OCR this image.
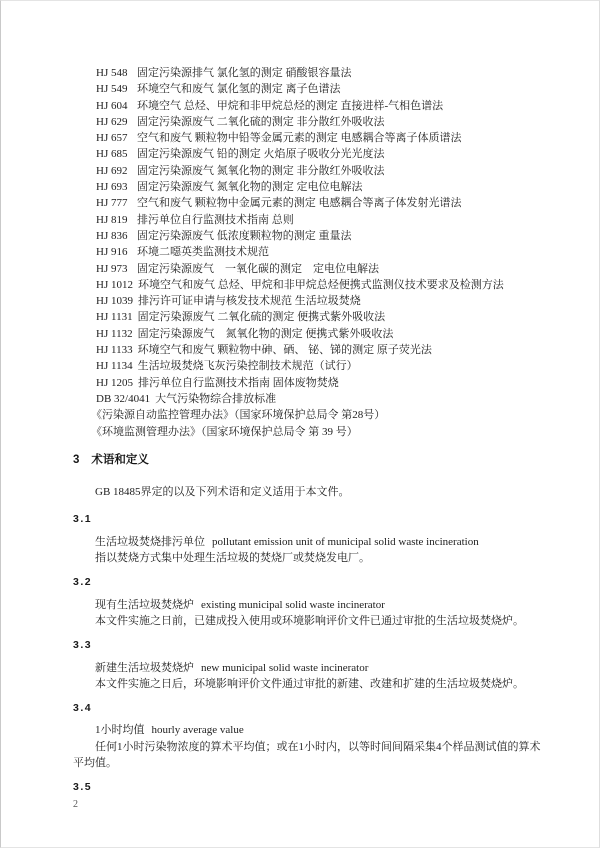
HJ 548 固定污染源排气 氯化氢的测定 硝酸银容量法
HJ 549 环境空气和废气 氯化氢的测定 离子色谱法
HJ 604 环境空气 总烃、甲烷和非甲烷总烃的测定 直接进样-气相色谱法
HJ 629 固定污染源废气 二氧化硫的测定 非分散红外吸收法
HJ 657 空气和废气 颗粒物中铅等金属元素的测定 电感耦合等离子体质谱法
HJ 685 固定污染源废气 铅的测定 火焰原子吸收分光光度法
HJ 692 固定污染源废气 氮氧化物的测定 非分散红外吸收法
HJ 693 固定污染源废气 氮氧化物的测定 定电位电解法
HJ 777 空气和废气 颗粒物中金属元素的测定 电感耦合等离子体发射光谱法
HJ 819 排污单位自行监测技术指南 总则
HJ 836 固定污染源废气 低浓度颗粒物的测定 重量法
HJ 916 环境二噁英类监测技术规范
HJ 973 固定污染源废气　一氧化碳的测定　定电位电解法
HJ 1012 环境空气和废气 总烃、甲烷和非甲烷总烃便携式监测仪技术要求及检测方法
HJ 1039 排污许可证申请与核发技术规范 生活垃圾焚烧
HJ 1131 固定污染源废气 二氧化硫的测定 便携式紫外吸收法
HJ 1132 固定污染源废气　氮氧化物的测定 便携式紫外吸收法
HJ 1133 环境空气和废气 颗粒物中砷、硒、 铋、锑的测定 原子荧光法
HJ 1134 生活垃圾焚烧飞灰污染控制技术规范（试行）
HJ 1205 排污单位自行监测技术指南 固体废物焚烧
DB 32/4041 大气污染物综合排放标准
《污染源自动监控管理办法》（国家环境保护总局令 第28号）
《环境监测管理办法》（国家环境保护总局令 第 39 号）
3 术语和定义

GB 18485界定的以及下列术语和定义适用于本文件。

3.1

生活垃圾焚烧排污单位 pollutant emission unit of municipal solid waste incineration

指以焚烧方式集中处理生活垃圾的焚烧厂或焚烧发电厂。

3.2

现有生活垃圾焚烧炉 existing municipal solid waste incinerator

本文件实施之日前，已建成投入使用或环境影响评价文件已通过审批的生活垃圾焚烧炉。

3.3

新建生活垃圾焚烧炉 new municipal solid waste incinerator

本文件实施之日后，环境影响评价文件通过审批的新建、改建和扩建的生活垃圾焚烧炉。

3.4

1小时均值 hourly average value

任何1小时污染物浓度的算术平均值；或在1小时内，以等时间间隔采集4个样品测试值的算术平均值。

3.5
2
